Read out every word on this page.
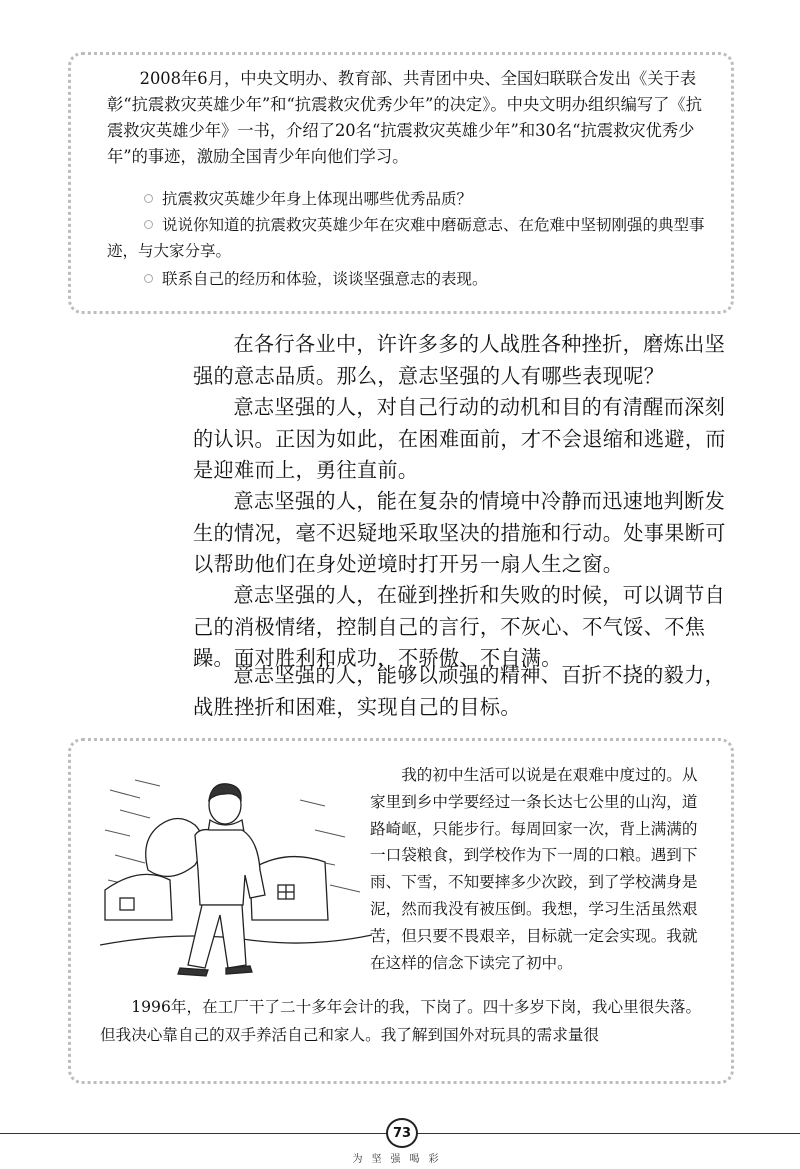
2008年6月，中央文明办、教育部、共青团中央、全国妇联联合发出《关于表彰“抗震救灾英雄少年”和“抗震救灾优秀少年”的决定》。中央文明办组织编写了《抗震救灾英雄少年》一书，介绍了20名“抗震救灾英雄少年”和30名“抗震救灾优秀少年”的事迹，激励全国青少年向他们学习。

抗震救灾英雄少年身上体现出哪些优秀品质？

说说你知道的抗震救灾英雄少年在灾难中磨砺意志、在危难中坚韧刚强的典型事迹，与大家分享。

联系自己的经历和体验，谈谈坚强意志的表现。

在各行各业中，许许多多的人战胜各种挫折，磨炼出坚强的意志品质。那么，意志坚强的人有哪些表现呢？

意志坚强的人，对自己行动的动机和目的有清醒而深刻的认识。正因为如此，在困难面前，才不会退缩和逃避，而是迎难而上，勇往直前。

意志坚强的人，能在复杂的情境中冷静而迅速地判断发生的情况，毫不迟疑地采取坚决的措施和行动。处事果断可以帮助他们在身处逆境时打开另一扇人生之窗。

意志坚强的人，在碰到挫折和失败的时候，可以调节自己的消极情绪，控制自己的言行，不灰心、不气馁、不焦躁。面对胜利和成功，不骄傲、不自满。

意志坚强的人，能够以顽强的精神、百折不挠的毅力，战胜挫折和困难，实现自己的目标。

我的初中生活可以说是在艰难中度过的。从家里到乡中学要经过一条长达七公里的山沟，道路崎岖，只能步行。每周回家一次，背上满满的一口袋粮食，到学校作为下一周的口粮。遇到下雨、下雪，不知要摔多少次跤，到了学校满身是泥，然而我没有被压倒。我想，学习生活虽然艰苦，但只要不畏艰辛，目标就一定会实现。我就在这样的信念下读完了初中。

1996年，在工厂干了二十多年会计的我，下岗了。四十多岁下岗，我心里很失落。但我决心靠自己的双手养活自己和家人。我了解到国外对玩具的需求量很

73
为坚强喝彩
